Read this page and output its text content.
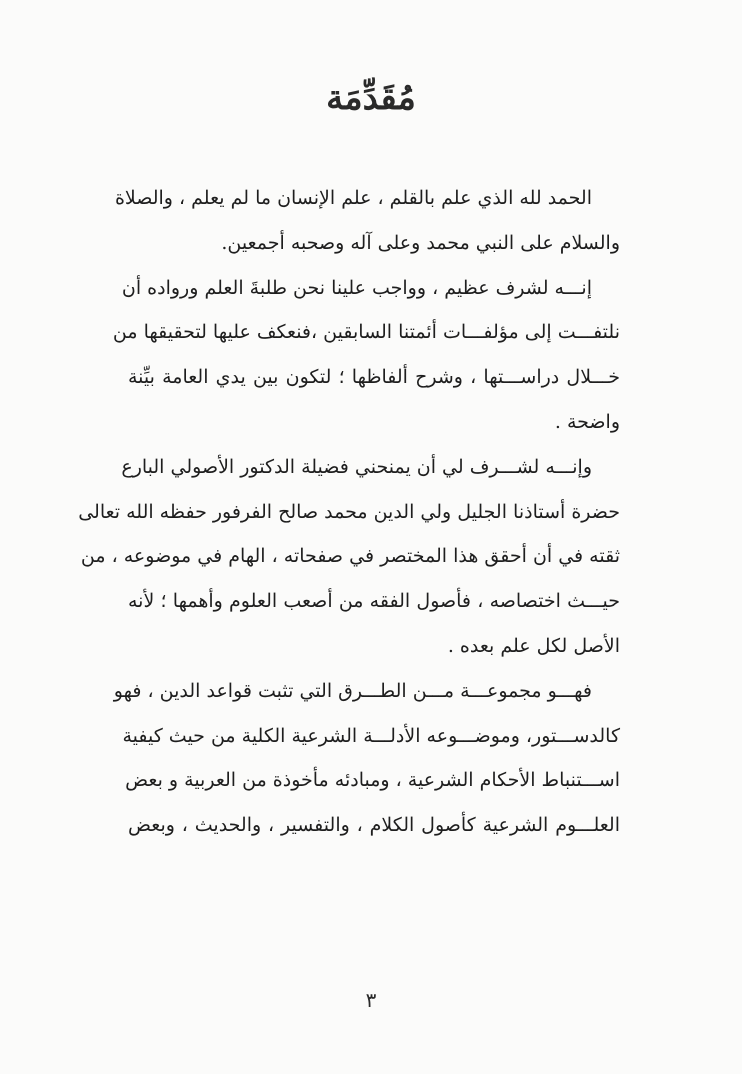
مُقَدِّمَة

الحمد لله الذي علم بالقلم ، علم الإنسان ما لم يعلم ، والصلاة
والسلام على النبي محمد وعلى آله وصحبه أجمعين.

إنـــه لشرف عظيم ، وواجب علينا نحن طلبةَ العلم ورواده أن
نلتفـــت إلى مؤلفـــات أئمتنا السابقين ،فنعكف عليها لتحقيقها من
خـــلال دراســـتها ، وشرح ألفاظها ؛ لتكون بين يدي العامة بيِّنة
واضحة .

وإنـــه لشـــرف لي أن يمنحني فضيلة الدكتور الأصولي البارع
حضرة أستاذنا الجليل ولي الدين محمد صالح الفرفور حفظه الله تعالى
ثقته في أن أحقق هذا المختصر في صفحاته ، الهام في موضوعه ، من
حيـــث اختصاصه ، فأصول الفقه من أصعب العلوم وأهمها ؛ لأنه
الأصل لكل علم بعده .

فهـــو مجموعـــة مـــن الطـــرق التي تثبت قواعد الدين ، فهو
كالدســـتور، وموضـــوعه الأدلـــة الشرعية الكلية من حيث كيفية
اســـتنباط الأحكام الشرعية ، ومبادئه مأخوذة من العربية و بعض
العلـــوم الشرعية كأصول الكلام ، والتفسير ، والحديث ، وبعض

٣
